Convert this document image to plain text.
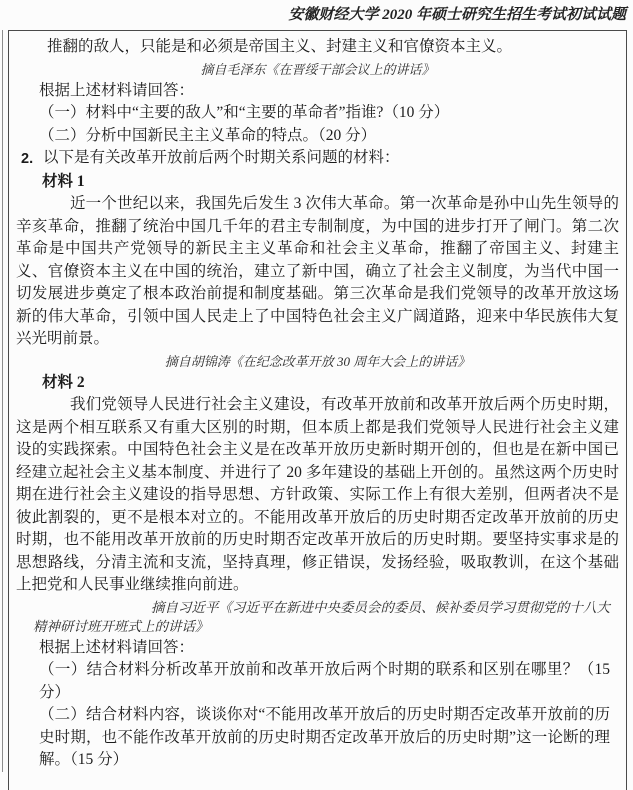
安徽财经大学 2020 年硕士研究生招生考试初试试题
推翻的敌人，只能是和必须是帝国主义、封建主义和官僚资本主义。
摘自毛泽东《在晋绥干部会议上的讲话》
根据上述材料请回答：
（一）材料中“主要的敌人”和“主要的革命者”指谁?（10 分）
（二）分析中国新民主主义革命的特点。（20 分）
2. 以下是有关改革开放前后两个时期关系问题的材料：
材料 1
近一个世纪以来，我国先后发生 3 次伟大革命。第一次革命是孙中山先生领导的辛亥革命，推翻了统治中国几千年的君主专制制度，为中国的进步打开了闸门。第二次革命是中国共产党领导的新民主主义革命和社会主义革命，推翻了帝国主义、封建主义、官僚资本主义在中国的统治，建立了新中国，确立了社会主义制度，为当代中国一切发展进步奠定了根本政治前提和制度基础。第三次革命是我们党领导的改革开放这场新的伟大革命，引领中国人民走上了中国特色社会主义广阔道路，迎来中华民族伟大复兴光明前景。
摘自胡锦涛《在纪念改革开放 30 周年大会上的讲话》
材料 2
我们党领导人民进行社会主义建设，有改革开放前和改革开放后两个历史时期，这是两个相互联系又有重大区别的时期，但本质上都是我们党领导人民进行社会主义建设的实践探索。中国特色社会主义是在改革开放历史新时期开创的，但也是在新中国已经建立起社会主义基本制度、并进行了 20 多年建设的基础上开创的。虽然这两个历史时期在进行社会主义建设的指导思想、方针政策、实际工作上有很大差别，但两者决不是彼此割裂的，更不是根本对立的。不能用改革开放后的历史时期否定改革开放前的历史时期，也不能用改革开放前的历史时期否定改革开放后的历史时期。要坚持实事求是的思想路线，分清主流和支流，坚持真理，修正错误，发扬经验，吸取教训，在这个基础上把党和人民事业继续推向前进。
摘自习近平《习近平在新进中央委员会的委员、候补委员学习贯彻党的十八大精神研讨班开班式上的讲话》
根据上述材料请回答：
（一）结合材料分析改革开放前和改革开放后两个时期的联系和区别在哪里？（15 分）
（二）结合材料内容，谈谈你对“不能用改革开放后的历史时期否定改革开放前的历史时期，也不能作改革开放前的历史时期否定改革开放后的历史时期”这一论断的理解。（15 分）
